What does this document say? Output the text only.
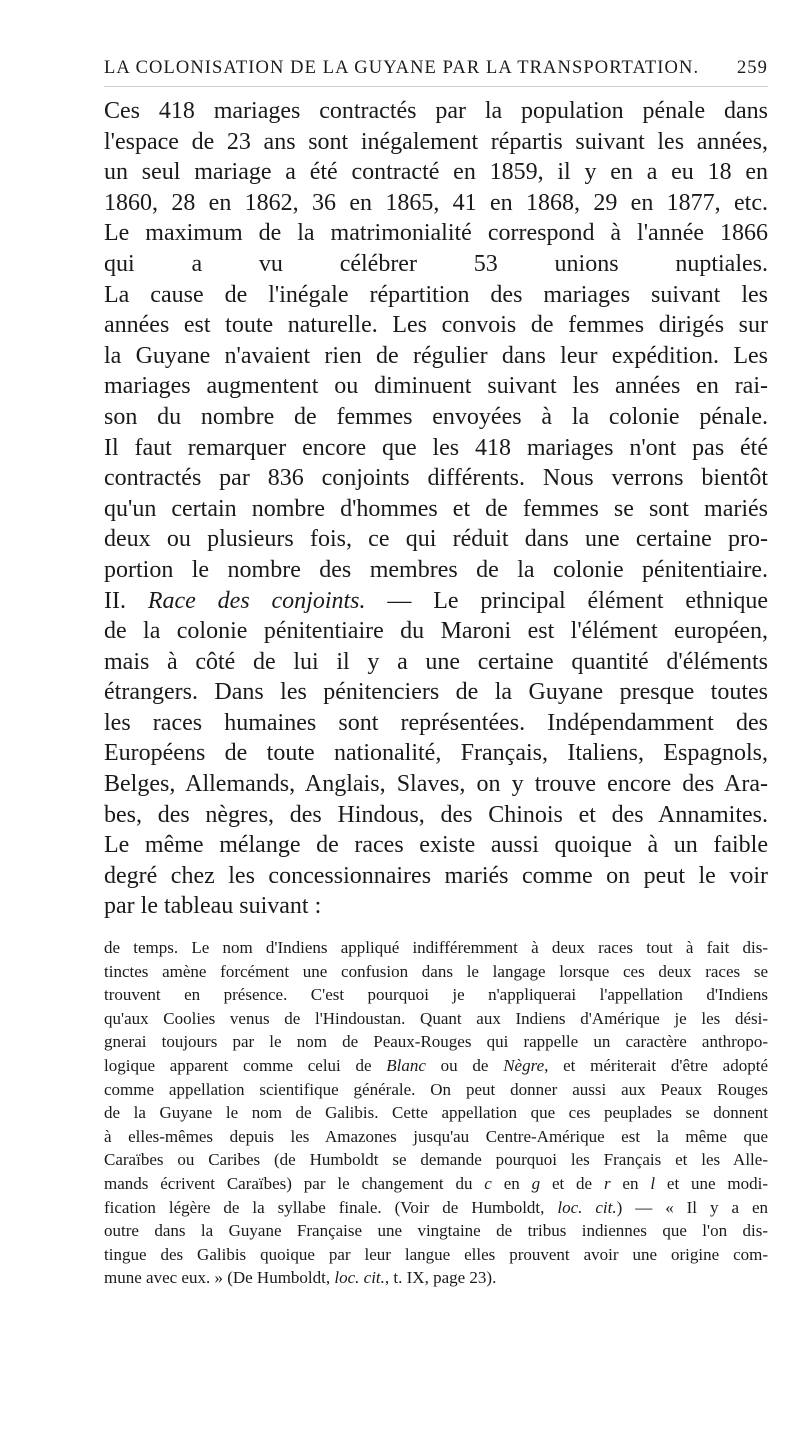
LA COLONISATION DE LA GUYANE PAR LA TRANSPORTATION. 259
Ces 418 mariages contractés par la population pénale dans
l'espace de 23 ans sont inégalement répartis suivant les années,
un seul mariage a été contracté en 1859, il y en a eu 18 en
1860, 28 en 1862, 36 en 1865, 41 en 1868, 29 en 1877, etc.
Le maximum de la matrimonialité correspond à l'année 1866
qui a vu célébrer 53 unions nuptiales.
La cause de l'inégale répartition des mariages suivant les
années est toute naturelle. Les convois de femmes dirigés sur
la Guyane n'avaient rien de régulier dans leur expédition. Les
mariages augmentent ou diminuent suivant les années en rai-
son du nombre de femmes envoyées à la colonie pénale.
Il faut remarquer encore que les 418 mariages n'ont pas été
contractés par 836 conjoints différents. Nous verrons bientôt
qu'un certain nombre d'hommes et de femmes se sont mariés
deux ou plusieurs fois, ce qui réduit dans une certaine pro-
portion le nombre des membres de la colonie pénitentiaire.
II. Race des conjoints. — Le principal élément ethnique
de la colonie pénitentiaire du Maroni est l'élément européen,
mais à côté de lui il y a une certaine quantité d'éléments
étrangers. Dans les pénitenciers de la Guyane presque toutes
les races humaines sont représentées. Indépendamment des
Européens de toute nationalité, Français, Italiens, Espagnols,
Belges, Allemands, Anglais, Slaves, on y trouve encore des Ara-
bes, des nègres, des Hindous, des Chinois et des Annamites.
Le même mélange de races existe aussi quoique à un faible
degré chez les concessionnaires mariés comme on peut le voir
par le tableau suivant :
de temps. Le nom d'Indiens appliqué indifféremment à deux races tout à fait dis-
tinctes amène forcément une confusion dans le langage lorsque ces deux races se
trouvent en présence. C'est pourquoi je n'appliquerai l'appellation d'Indiens
qu'aux Coolies venus de l'Hindoustan. Quant aux Indiens d'Amérique je les dési-
gnerai toujours par le nom de Peaux-Rouges qui rappelle un caractère anthropo-
logique apparent comme celui de Blanc ou de Nègre, et mériterait d'être adopté
comme appellation scientifique générale. On peut donner aussi aux Peaux Rouges
de la Guyane le nom de Galibis. Cette appellation que ces peuplades se donnent
à elles-mêmes depuis les Amazones jusqu'au Centre-Amérique est la même que
Caraïbes ou Caribes (de Humboldt se demande pourquoi les Français et les Alle-
mands écrivent Caraïbes) par le changement du c en g et de r en l et une modi-
fication légère de la syllabe finale. (Voir de Humboldt, loc. cit.) — « Il y a en
outre dans la Guyane Française une vingtaine de tribus indiennes que l'on dis-
tingue des Galibis quoique par leur langue elles prouvent avoir une origine com-
mune avec eux. » (De Humboldt, loc. cit., t. IX, page 23).
